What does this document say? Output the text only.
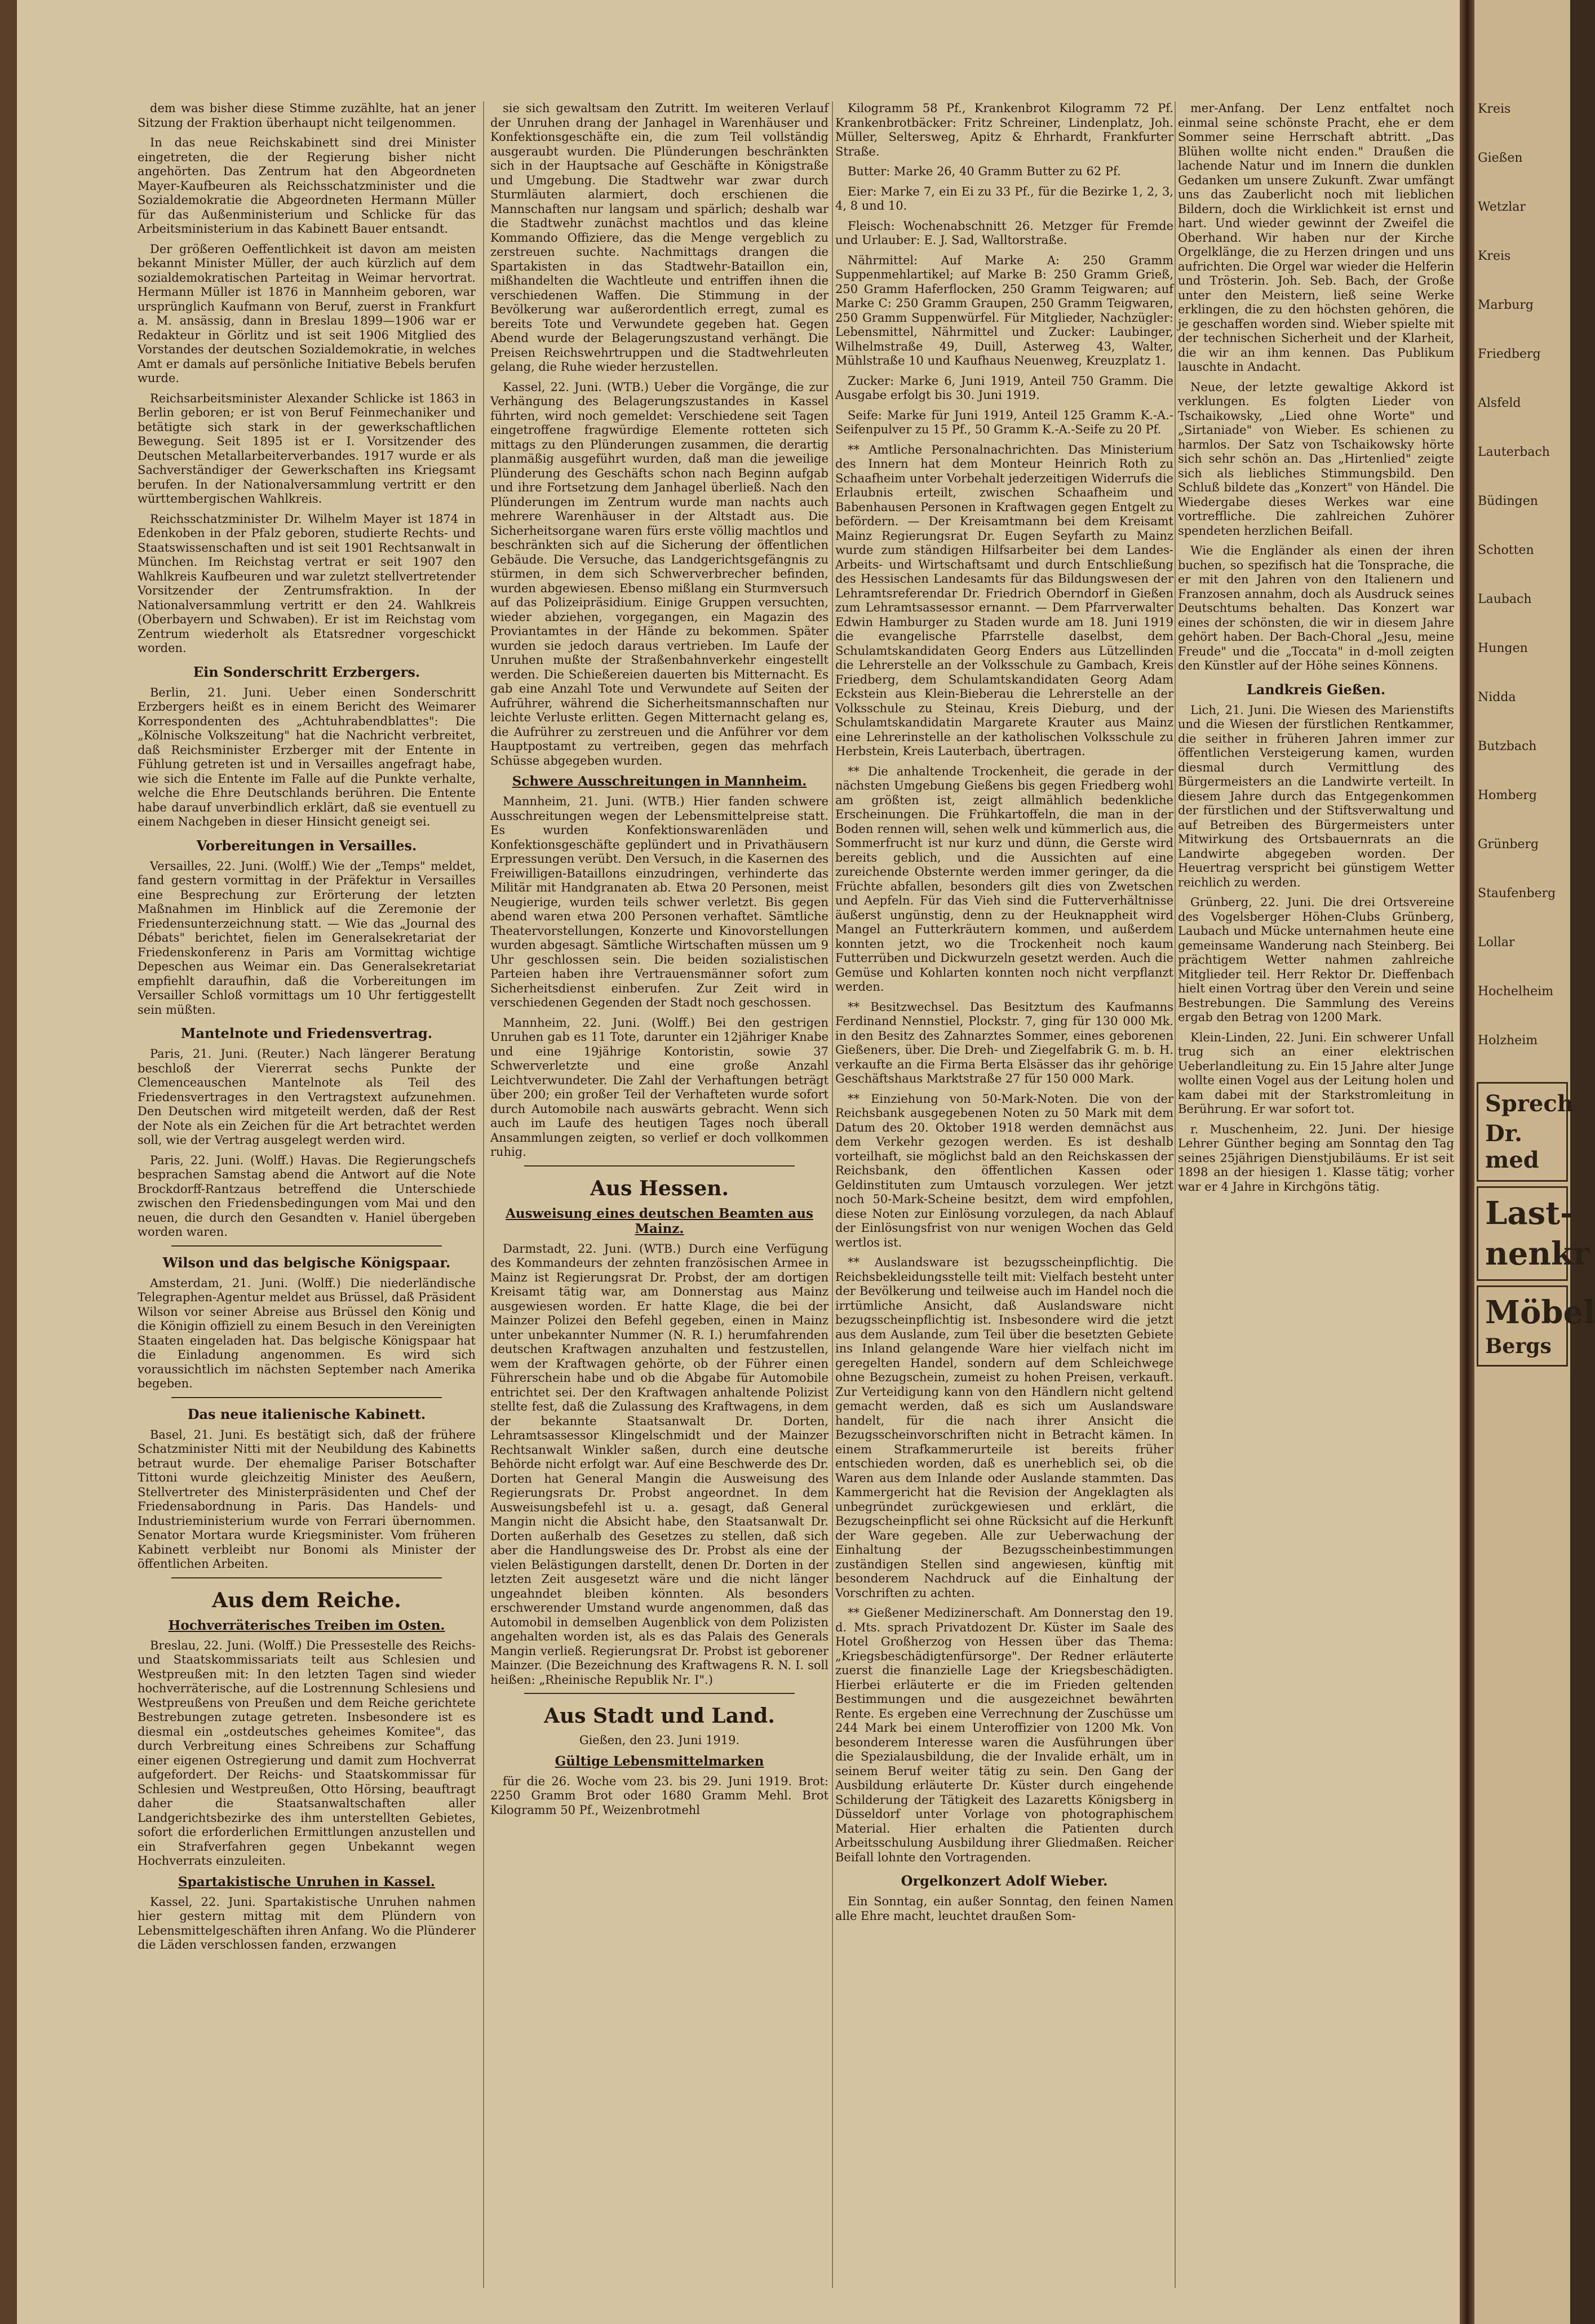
dem was bisher diese Stimme zuzählte, hat an jener Sitzung der Fraktion überhaupt nicht teilgenommen.

In das neue Reichskabinett sind drei Minister eingetreten, die der Regierung bisher nicht angehörten. Das Zentrum hat den Abgeordneten Mayer-Kaufbeuren als Reichsschatzminister und die Sozialdemokratie die Abgeordneten Hermann Müller für das Außenministerium und Schlicke für das Arbeitsministerium in das Kabinett Bauer entsandt.

Der größeren Oeffentlichkeit ist davon am meisten bekannt Minister Müller, der auch kürzlich auf dem sozialdemokratischen Parteitag in Weimar hervortrat. Hermann Müller ist 1876 in Mannheim geboren, war ursprünglich Kaufmann von Beruf, zuerst in Frankfurt a. M. ansässig, dann in Breslau 1899—1906 war er Redakteur in Görlitz und ist seit 1906 Mitglied des Vorstandes der deutschen Sozialdemokratie, in welches Amt er damals auf persönliche Initiative Bebels berufen wurde.

Reichsarbeitsminister Alexander Schlicke ist 1863 in Berlin geboren; er ist von Beruf Feinmechaniker und betätigte sich stark in der gewerkschaftlichen Bewegung. Seit 1895 ist er I. Vorsitzender des Deutschen Metallarbeiterverbandes. 1917 wurde er als Sachverständiger der Gewerkschaften ins Kriegsamt berufen. In der Nationalversammlung vertritt er den württembergischen Wahlkreis.

Reichsschatzminister Dr. Wilhelm Mayer ist 1874 in Edenkoben in der Pfalz geboren, studierte Rechts- und Staatswissenschaften und ist seit 1901 Rechtsanwalt in München. Im Reichstag vertrat er seit 1907 den Wahlkreis Kaufbeuren und war zuletzt stellvertretender Vorsitzender der Zentrumsfraktion. In der Nationalversammlung vertritt er den 24. Wahlkreis (Oberbayern und Schwaben). Er ist im Reichstag vom Zentrum wiederholt als Etatsredner vorgeschickt worden.

Ein Sonderschritt Erzbergers.

Berlin, 21. Juni. Ueber einen Sonderschritt Erzbergers heißt es in einem Bericht des Weimarer Korrespondenten des „Achtuhrabendblattes": Die „Kölnische Volkszeitung" hat die Nachricht verbreitet, daß Reichsminister Erzberger mit der Entente in Fühlung getreten ist und in Versailles angefragt habe, wie sich die Entente im Falle auf die Punkte verhalte, welche die Ehre Deutschlands berühren. Die Entente habe darauf unverbindlich erklärt, daß sie eventuell zu einem Nachgeben in dieser Hinsicht geneigt sei.

Vorbereitungen in Versailles.

Versailles, 22. Juni. (Wolff.) Wie der „Temps" meldet, fand gestern vormittag in der Präfektur in Versailles eine Besprechung zur Erörterung der letzten Maßnahmen im Hinblick auf die Zeremonie der Friedensunterzeichnung statt. — Wie das „Journal des Débats" berichtet, fielen im Generalsekretariat der Friedenskonferenz in Paris am Vormittag wichtige Depeschen aus Weimar ein. Das Generalsekretariat empfiehlt daraufhin, daß die Vorbereitungen im Versailler Schloß vormittags um 10 Uhr fertiggestellt sein müßten.

Mantelnote und Friedensvertrag.

Paris, 21. Juni. (Reuter.) Nach längerer Beratung beschloß der Viererrat sechs Punkte der Clemenceauschen Mantelnote als Teil des Friedensvertrages in den Vertragstext aufzunehmen. Den Deutschen wird mitgeteilt werden, daß der Rest der Note als ein Zeichen für die Art betrachtet werden soll, wie der Vertrag ausgelegt werden wird.

Paris, 22. Juni. (Wolff.) Havas. Die Regierungschefs besprachen Samstag abend die Antwort auf die Note Brockdorff-Rantzaus betreffend die Unterschiede zwischen den Friedensbedingungen vom Mai und den neuen, die durch den Gesandten v. Haniel übergeben worden waren.

Wilson und das belgische Königspaar.

Amsterdam, 21. Juni. (Wolff.) Die niederländische Telegraphen-Agentur meldet aus Brüssel, daß Präsident Wilson vor seiner Abreise aus Brüssel den König und die Königin offiziell zu einem Besuch in den Vereinigten Staaten eingeladen hat. Das belgische Königspaar hat die Einladung angenommen. Es wird sich voraussichtlich im nächsten September nach Amerika begeben.

Das neue italienische Kabinett.

Basel, 21. Juni. Es bestätigt sich, daß der frühere Schatzminister Nitti mit der Neubildung des Kabinetts betraut wurde. Der ehemalige Pariser Botschafter Tittoni wurde gleichzeitig Minister des Aeußern, Stellvertreter des Ministerpräsidenten und Chef der Friedensabordnung in Paris. Das Handels- und Industrieministerium wurde von Ferrari übernommen. Senator Mortara wurde Kriegsminister. Vom früheren Kabinett verbleibt nur Bonomi als Minister der öffentlichen Arbeiten.

Aus dem Reiche.
Hochverräterisches Treiben im Osten.

Breslau, 22. Juni. (Wolff.) Die Pressestelle des Reichs- und Staatskommissariats teilt aus Schlesien und Westpreußen mit: In den letzten Tagen sind wieder hochverräterische, auf die Lostrennung Schlesiens und Westpreußens von Preußen und dem Reiche gerichtete Bestrebungen zutage getreten. Insbesondere ist es diesmal ein „ostdeutsches geheimes Komitee", das durch Verbreitung eines Schreibens zur Schaffung einer eigenen Ostregierung und damit zum Hochverrat aufgefordert. Der Reichs- und Staatskommissar für Schlesien und Westpreußen, Otto Hörsing, beauftragt daher die Staatsanwaltschaften aller Landgerichtsbezirke des ihm unterstellten Gebietes, sofort die erforderlichen Ermittlungen anzustellen und ein Strafverfahren gegen Unbekannt wegen Hochverrats einzuleiten.

Spartakistische Unruhen in Kassel.

Kassel, 22. Juni. Spartakistische Unruhen nahmen hier gestern mittag mit dem Plündern von Lebensmittelgeschäften ihren Anfang. Wo die Plünderer die Läden verschlossen fanden, erzwangen

sie sich gewaltsam den Zutritt. Im weiteren Verlauf der Unruhen drang der Janhagel in Warenhäuser und Konfektionsgeschäfte ein, die zum Teil vollständig ausgeraubt wurden. Die Plünderungen beschränkten sich in der Hauptsache auf Geschäfte in Königstraße und Umgebung. Die Stadtwehr war zwar durch Sturmläuten alarmiert, doch erschienen die Mannschaften nur langsam und spärlich; deshalb war die Stadtwehr zunächst machtlos und das kleine Kommando Offiziere, das die Menge vergeblich zu zerstreuen suchte. Nachmittags drangen die Spartakisten in das Stadtwehr-Bataillon ein, mißhandelten die Wachtleute und entriffen ihnen die verschiedenen Waffen. Die Stimmung in der Bevölkerung war außerordentlich erregt, zumal es bereits Tote und Verwundete gegeben hat. Gegen Abend wurde der Belagerungszustand verhängt. Die Preisen Reichswehrtruppen und die Stadtwehrleuten gelang, die Ruhe wieder herzustellen.

Kassel, 22. Juni. (WTB.) Ueber die Vorgänge, die zur Verhängung des Belagerungszustandes in Kassel führten, wird noch gemeldet: Verschiedene seit Tagen eingetroffene fragwürdige Elemente rotteten sich mittags zu den Plünderungen zusammen, die derartig planmäßig ausgeführt wurden, daß man die jeweilige Plünderung des Geschäfts schon nach Beginn aufgab und ihre Fortsetzung dem Janhagel überließ. Nach den Plünderungen im Zentrum wurde man nachts auch mehrere Warenhäuser in der Altstadt aus. Die Sicherheitsorgane waren fürs erste völlig machtlos und beschränkten sich auf die Sicherung der öffentlichen Gebäude. Die Versuche, das Landgerichtsgefängnis zu stürmen, in dem sich Schwerverbrecher befinden, wurden abgewiesen. Ebenso mißlang ein Sturmversuch auf das Polizeipräsidium. Einige Gruppen versuchten, wieder abziehen, vorgegangen, ein Magazin des Proviantamtes in der Hände zu bekommen. Später wurden sie jedoch daraus vertrieben. Im Laufe der Unruhen mußte der Straßenbahnverkehr eingestellt werden. Die Schießereien dauerten bis Mitternacht. Es gab eine Anzahl Tote und Verwundete auf Seiten der Aufrührer, während die Sicherheitsmannschaften nur leichte Verluste erlitten. Gegen Mitternacht gelang es, die Aufrührer zu zerstreuen und die Anführer vor dem Hauptpostamt zu vertreiben, gegen das mehrfach Schüsse abgegeben wurden.

Schwere Ausschreitungen in Mannheim.

Mannheim, 21. Juni. (WTB.) Hier fanden schwere Ausschreitungen wegen der Lebensmittelpreise statt. Es wurden Konfektionswarenläden und Konfektionsgeschäfte geplündert und in Privathäusern Erpressungen verübt. Den Versuch, in die Kasernen des Freiwilligen-Bataillons einzudringen, verhinderte das Militär mit Handgranaten ab. Etwa 20 Personen, meist Neugierige, wurden teils schwer verletzt. Bis gegen abend waren etwa 200 Personen verhaftet. Sämtliche Theatervorstellungen, Konzerte und Kinovorstellungen wurden abgesagt. Sämtliche Wirtschaften müssen um 9 Uhr geschlossen sein. Die beiden sozialistischen Parteien haben ihre Vertrauensmänner sofort zum Sicherheitsdienst einberufen. Zur Zeit wird in verschiedenen Gegenden der Stadt noch geschossen.

Mannheim, 22. Juni. (Wolff.) Bei den gestrigen Unruhen gab es 11 Tote, darunter ein 12jähriger Knabe und eine 19jährige Kontoristin, sowie 37 Schwerverletzte und eine große Anzahl Leichtverwundeter. Die Zahl der Verhaftungen beträgt über 200; ein großer Teil der Verhafteten wurde sofort durch Automobile nach auswärts gebracht. Wenn sich auch im Laufe des heutigen Tages noch überall Ansammlungen zeigten, so verlief er doch vollkommen ruhig.

Aus Hessen.
Ausweisung eines deutschen Beamten aus Mainz.

Darmstadt, 22. Juni. (WTB.) Durch eine Verfügung des Kommandeurs der zehnten französischen Armee in Mainz ist Regierungsrat Dr. Probst, der am dortigen Kreisamt tätig war, am Donnerstag aus Mainz ausgewiesen worden. Er hatte Klage, die bei der Mainzer Polizei den Befehl gegeben, einen in Mainz unter unbekannter Nummer (N. R. I.) herumfahrenden deutschen Kraftwagen anzuhalten und festzustellen, wem der Kraftwagen gehörte, ob der Führer einen Führerschein habe und ob die Abgabe für Automobile entrichtet sei. Der den Kraftwagen anhaltende Polizist stellte fest, daß die Zulassung des Kraftwagens, in dem der bekannte Staatsanwalt Dr. Dorten, Lehramtsassessor Klingelschmidt und der Mainzer Rechtsanwalt Winkler saßen, durch eine deutsche Behörde nicht erfolgt war. Auf eine Beschwerde des Dr. Dorten hat General Mangin die Ausweisung des Regierungsrats Dr. Probst angeordnet. In dem Ausweisungsbefehl ist u. a. gesagt, daß General Mangin nicht die Absicht habe, den Staatsanwalt Dr. Dorten außerhalb des Gesetzes zu stellen, daß sich aber die Handlungsweise des Dr. Probst als eine der vielen Belästigungen darstellt, denen Dr. Dorten in der letzten Zeit ausgesetzt wäre und die nicht länger ungeahndet bleiben könnten. Als besonders erschwerender Umstand wurde angenommen, daß das Automobil in demselben Augenblick von dem Polizisten angehalten worden ist, als es das Palais des Generals Mangin verließ. Regierungsrat Dr. Probst ist geborener Mainzer. (Die Bezeichnung des Kraftwagens R. N. I. soll heißen: „Rheinische Republik Nr. I".)

Aus Stadt und Land.

Gießen, den 23. Juni 1919.

Gültige Lebensmittelmarken

für die 26. Woche vom 23. bis 29. Juni 1919. Brot: 2250 Gramm Brot oder 1680 Gramm Mehl. Brot Kilogramm 50 Pf., Weizenbrotmehl

Kilogramm 58 Pf., Krankenbrot Kilogramm 72 Pf. Krankenbrotbäcker: Fritz Schreiner, Lindenplatz, Joh. Müller, Seltersweg, Apitz & Ehrhardt, Frankfurter Straße.

Butter: Marke 26, 40 Gramm Butter zu 62 Pf.

Eier: Marke 7, ein Ei zu 33 Pf., für die Bezirke 1, 2, 3, 4, 8 und 10.

Fleisch: Wochenabschnitt 26. Metzger für Fremde und Urlauber: E. J. Sad, Walltorstraße.

Nährmittel: Auf Marke A: 250 Gramm Suppenmehlartikel; auf Marke B: 250 Gramm Grieß, 250 Gramm Haferflocken, 250 Gramm Teigwaren; auf Marke C: 250 Gramm Graupen, 250 Gramm Teigwaren, 250 Gramm Suppenwürfel. Für Mitglieder, Nachzügler: Lebensmittel, Nährmittel und Zucker: Laubinger, Wilhelmstraße 49, Duill, Asterweg 43, Walter, Mühlstraße 10 und Kaufhaus Neuenweg, Kreuzplatz 1.

Zucker: Marke 6, Juni 1919, Anteil 750 Gramm. Die Ausgabe erfolgt bis 30. Juni 1919.

Seife: Marke für Juni 1919, Anteil 125 Gramm K.-A.-Seifenpulver zu 15 Pf., 50 Gramm K.-A.-Seife zu 20 Pf.

** Amtliche Personalnachrichten. Das Ministerium des Innern hat dem Monteur Heinrich Roth zu Schaafheim unter Vorbehalt jederzeitigen Widerrufs die Erlaubnis erteilt, zwischen Schaafheim und Babenhausen Personen in Kraftwagen gegen Entgelt zu befördern. — Der Kreisamtmann bei dem Kreisamt Mainz Regierungsrat Dr. Eugen Seyfarth zu Mainz wurde zum ständigen Hilfsarbeiter bei dem Landes-Arbeits- und Wirtschaftsamt und durch Entschließung des Hessischen Landesamts für das Bildungswesen der Lehramtsreferendar Dr. Friedrich Oberndorf in Gießen zum Lehramtsassessor ernannt. — Dem Pfarrverwalter Edwin Hamburger zu Staden wurde am 18. Juni 1919 die evangelische Pfarrstelle daselbst, dem Schulamtskandidaten Georg Enders aus Lützellinden die Lehrerstelle an der Volksschule zu Gambach, Kreis Friedberg, dem Schulamtskandidaten Georg Adam Eckstein aus Klein-Bieberau die Lehrerstelle an der Volksschule zu Steinau, Kreis Dieburg, und der Schulamtskandidatin Margarete Krauter aus Mainz eine Lehrerinstelle an der katholischen Volksschule zu Herbstein, Kreis Lauterbach, übertragen.

** Die anhaltende Trockenheit, die gerade in der nächsten Umgebung Gießens bis gegen Friedberg wohl am größten ist, zeigt allmählich bedenkliche Erscheinungen. Die Frühkartoffeln, die man in der Boden rennen will, sehen welk und kümmerlich aus, die Sommerfrucht ist nur kurz und dünn, die Gerste wird bereits geblich, und die Aussichten auf eine zureichende Obsternte werden immer geringer, da die Früchte abfallen, besonders gilt dies von Zwetschen und Aepfeln. Für das Vieh sind die Futterverhältnisse äußerst ungünstig, denn zu der Heuknappheit wird Mangel an Futterkräutern kommen, und außerdem konnten jetzt, wo die Trockenheit noch kaum Futterrüben und Dickwurzeln gesetzt werden. Auch die Gemüse und Kohlarten konnten noch nicht verpflanzt werden.

** Besitzwechsel. Das Besitztum des Kaufmanns Ferdinand Nennstiel, Plockstr. 7, ging für 130 000 Mk. in den Besitz des Zahnarztes Sommer, eines geborenen Gießeners, über. Die Dreh- und Ziegelfabrik G. m. b. H. verkaufte an die Firma Berta Elsässer das ihr gehörige Geschäftshaus Marktstraße 27 für 150 000 Mark.

** Einziehung von 50-Mark-Noten. Die von der Reichsbank ausgegebenen Noten zu 50 Mark mit dem Datum des 20. Oktober 1918 werden demnächst aus dem Verkehr gezogen werden. Es ist deshalb vorteilhaft, sie möglichst bald an den Reichskassen der Reichsbank, den öffentlichen Kassen oder Geldinstituten zum Umtausch vorzulegen. Wer jetzt noch 50-Mark-Scheine besitzt, dem wird empfohlen, diese Noten zur Einlösung vorzulegen, da nach Ablauf der Einlösungsfrist von nur wenigen Wochen das Geld wertlos ist.

** Auslandsware ist bezugsscheinpflichtig. Die Reichsbekleidungsstelle teilt mit: Vielfach besteht unter der Bevölkerung und teilweise auch im Handel noch die irrtümliche Ansicht, daß Auslandsware nicht bezugsscheinpflichtig ist. Insbesondere wird die jetzt aus dem Auslande, zum Teil über die besetzten Gebiete ins Inland gelangende Ware hier vielfach nicht im geregelten Handel, sondern auf dem Schleichwege ohne Bezugschein, zumeist zu hohen Preisen, verkauft. Zur Verteidigung kann von den Händlern nicht geltend gemacht werden, daß es sich um Auslandsware handelt, für die nach ihrer Ansicht die Bezugsscheinvorschriften nicht in Betracht kämen. In einem Strafkammerurteile ist bereits früher entschieden worden, daß es unerheblich sei, ob die Waren aus dem Inlande oder Auslande stammten. Das Kammergericht hat die Revision der Angeklagten als unbegründet zurückgewiesen und erklärt, die Bezugscheinpflicht sei ohne Rücksicht auf die Herkunft der Ware gegeben. Alle zur Ueberwachung der Einhaltung der Bezugsscheinbestimmungen zuständigen Stellen sind angewiesen, künftig mit besonderem Nachdruck auf die Einhaltung der Vorschriften zu achten.

** Gießener Medizinerschaft. Am Donnerstag den 19. d. Mts. sprach Privatdozent Dr. Küster im Saale des Hotel Großherzog von Hessen über das Thema: „Kriegsbeschädigtenfürsorge". Der Redner erläuterte zuerst die finanzielle Lage der Kriegsbeschädigten. Hierbei erläuterte er die im Frieden geltenden Bestimmungen und die ausgezeichnet bewährten Rente. Es ergeben eine Verrechnung der Zuschüsse um 244 Mark bei einem Unteroffizier von 1200 Mk. Von besonderem Interesse waren die Ausführungen über die Spezialausbildung, die der Invalide erhält, um in seinem Beruf weiter tätig zu sein. Den Gang der Ausbildung erläuterte Dr. Küster durch eingehende Schilderung der Tätigkeit des Lazaretts Königsberg in Düsseldorf unter Vorlage von photographischem Material. Hier erhalten die Patienten durch Arbeitsschulung Ausbildung ihrer Gliedmaßen. Reicher Beifall lohnte den Vortragenden.

Orgelkonzert Adolf Wieber.

Ein Sonntag, ein außer Sonntag, den feinen Namen alle Ehre macht, leuchtet draußen Som-

mer-Anfang. Der Lenz entfaltet noch einmal seine schönste Pracht, ehe er dem Sommer seine Herrschaft abtritt. „Das Blühen wollte nicht enden." Draußen die lachende Natur und im Innern die dunklen Gedanken um unsere Zukunft. Zwar umfängt uns das Zauberlicht noch mit lieblichen Bildern, doch die Wirklichkeit ist ernst und hart. Und wieder gewinnt der Zweifel die Oberhand. Wir haben nur der Kirche Orgelklänge, die zu Herzen dringen und uns aufrichten. Die Orgel war wieder die Helferin und Trösterin. Joh. Seb. Bach, der Große unter den Meistern, ließ seine Werke erklingen, die zu den höchsten gehören, die je geschaffen worden sind. Wieber spielte mit der technischen Sicherheit und der Klarheit, die wir an ihm kennen. Das Publikum lauschte in Andacht.

Neue, der letzte gewaltige Akkord ist verklungen. Es folgten Lieder von Tschaikowsky, „Lied ohne Worte" und „Sirtaniade" von Wieber. Es schienen zu harmlos. Der Satz von Tschaikowsky hörte sich sehr schön an. Das „Hirtenlied" zeigte sich als liebliches Stimmungsbild. Den Schluß bildete das „Konzert" von Händel. Die Wiedergabe dieses Werkes war eine vortreffliche. Die zahlreichen Zuhörer spendeten herzlichen Beifall.

Wie die Engländer als einen der ihren buchen, so spezifisch hat die Tonsprache, die er mit den Jahren von den Italienern und Franzosen annahm, doch als Ausdruck seines Deutschtums behalten. Das Konzert war eines der schönsten, die wir in diesem Jahre gehört haben. Der Bach-Choral „Jesu, meine Freude" und die „Toccata" in d-moll zeigten den Künstler auf der Höhe seines Könnens.

Landkreis Gießen.

Lich, 21. Juni. Die Wiesen des Marienstifts und die Wiesen der fürstlichen Rentkammer, die seither in früheren Jahren immer zur öffentlichen Versteigerung kamen, wurden diesmal durch Vermittlung des Bürgermeisters an die Landwirte verteilt. In diesem Jahre durch das Entgegenkommen der fürstlichen und der Stiftsverwaltung und auf Betreiben des Bürgermeisters unter Mitwirkung des Ortsbauernrats an die Landwirte abgegeben worden. Der Heuertrag verspricht bei günstigem Wetter reichlich zu werden.

Grünberg, 22. Juni. Die drei Ortsvereine des Vogelsberger Höhen-Clubs Grünberg, Laubach und Mücke unternahmen heute eine gemeinsame Wanderung nach Steinberg. Bei prächtigem Wetter nahmen zahlreiche Mitglieder teil. Herr Rektor Dr. Dieffenbach hielt einen Vortrag über den Verein und seine Bestrebungen. Die Sammlung des Vereins ergab den Betrag von 1200 Mark.

Klein-Linden, 22. Juni. Ein schwerer Unfall trug sich an einer elektrischen Ueberlandleitung zu. Ein 15 Jahre alter Junge wollte einen Vogel aus der Leitung holen und kam dabei mit der Starkstromleitung in Berührung. Er war sofort tot.

r. Muschenheim, 22. Juni. Der hiesige Lehrer Günther beging am Sonntag den Tag seines 25jährigen Dienstjubiläums. Er ist seit 1898 an der hiesigen 1. Klasse tätig; vorher war er 4 Jahre in Kirchgöns tätig.

Kreis

Gießen

Wetzlar

Kreis

Marburg

Friedberg

Alsfeld

Lauterbach

Büdingen

Schotten

Laubach

Hungen

Nidda

Butzbach

Homberg

Grünberg

Staufenberg

Lollar

Hochelheim

Holzheim

Sprech

Dr. med

Last-

nenkr

Möbel

Bergs
